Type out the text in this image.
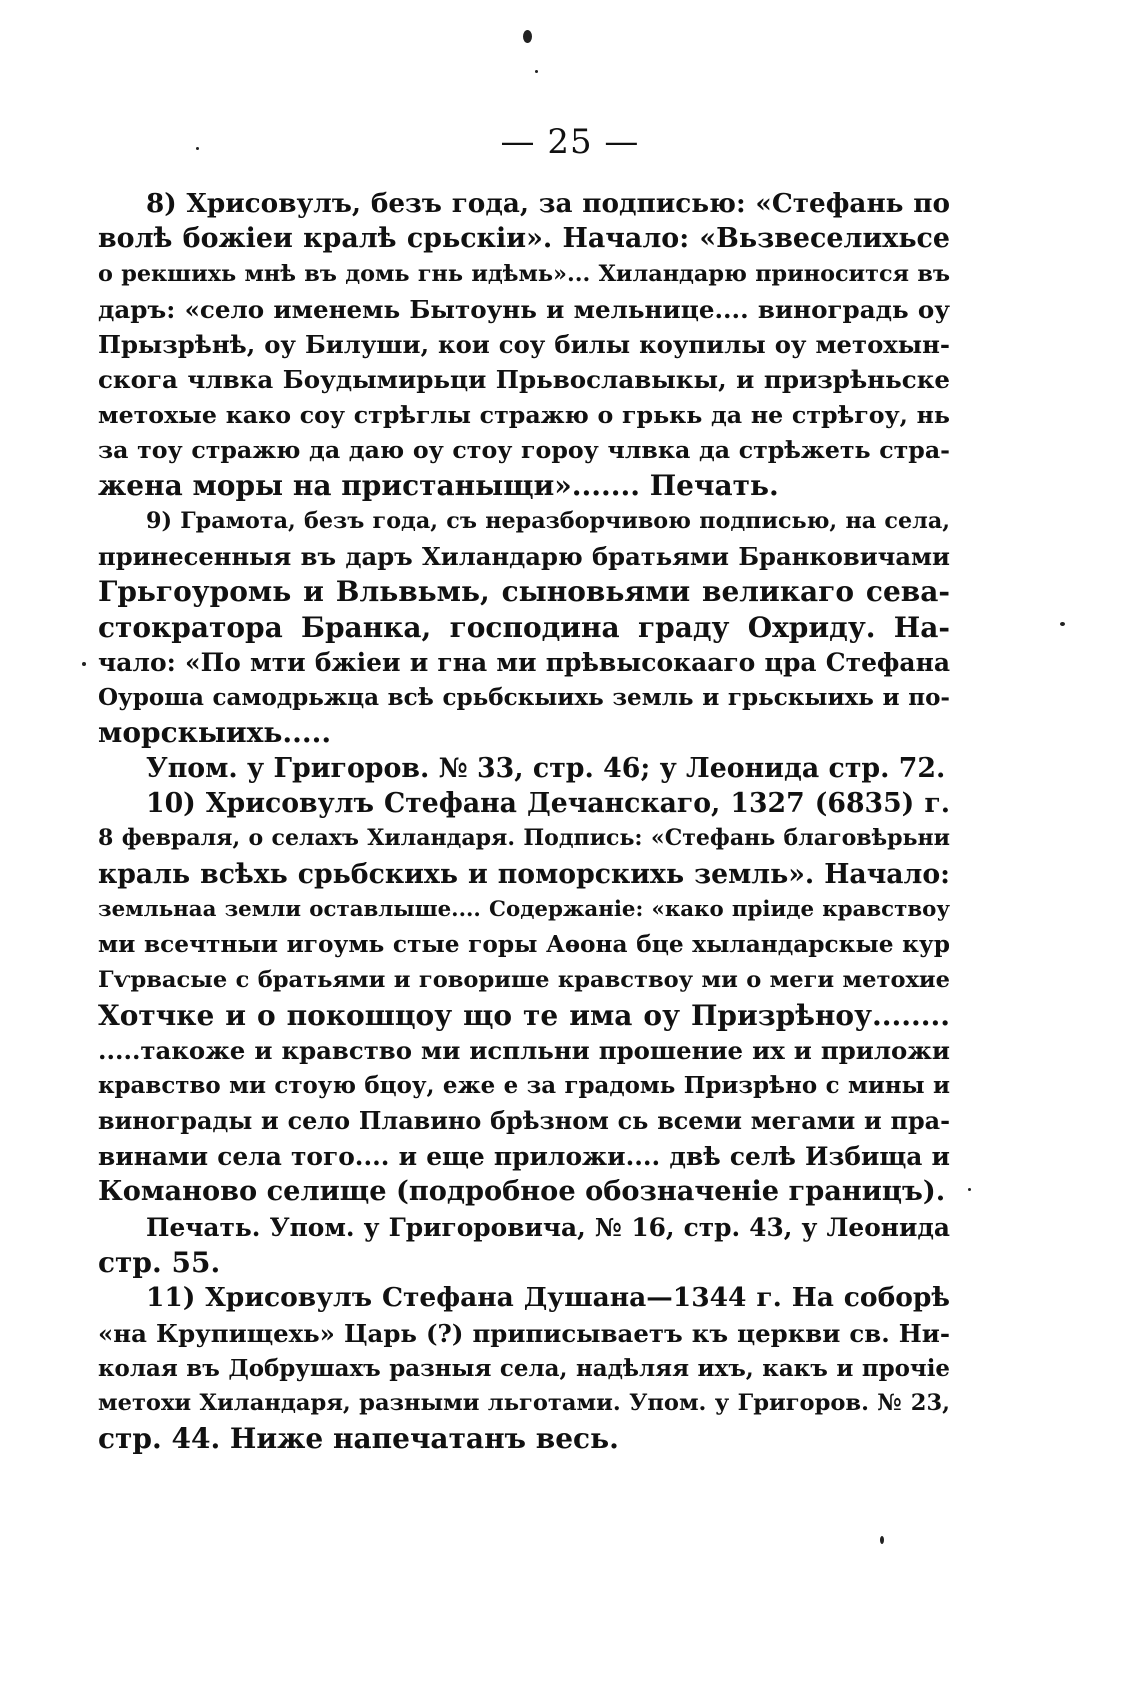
— 25 —
8) Хрисовулъ, безъ года, за подписью: «Стефань по
волѣ божіеи кралѣ срьскіи». Начало: «Вьзвеселихьсе
о рекшихь мнѣ въ домь гнь идѣмь»... Хиландарю приносится въ
даръ: «село именемь Бытоунь и мельнице.... виноградь оу
Прызрѣнѣ, оу Билуши, кои соу билы коупилы оу метохын-
скога члвка Боудымирьци Прьвославыкы, и призрѣньске
метохые како соу стрѣглы стражю о грькь да не стрѣгоу, нь
за тоу стражю да даю оу стоу гороу члвка да стрѣжеть стра-
жена моры на пристаныщи»....... Печать.
9) Грамота, безъ года, съ неразборчивою подписью, на села,
принесенныя въ даръ Хиландарю братьями Бранковичами
Грьгоуромь и Вльвьмь, сыновьями великаго сева-
стократора Бранка, господина граду Охриду. На-
чало: «По мти бжіеи и гна ми прѣвысокааго цра Стефана
Оуроша самодрьжца всѣ срьбскыихь земль и грьскыихь и по-
морскыихь.....
Упом. у Григоров. № 33, стр. 46; у Леонида стр. 72.
10) Хрисовулъ Стефана Дечанскаго, 1327 (6835) г.
8 февраля, о селахъ Хиландаря. Подпись: «Стефань благовѣрьни
краль всѣхь срьбскихь и поморскихь земль». Начало:
земльнаа земли оставлыше.... Содержаніе: «како пріиде кравствоу
ми всечтныи игоумь стые горы Аѳона бце хыландарскые кур
Гѵрвасые с братьями и говорише кравствоу ми о меги метохие
Хотчке и о покошцоу що те има оу Призрѣноу........
.....такоже и кравство ми испльни прошение их и приложи
кравство ми стоую бцоу, еже е за градомь Призрѣно с мины и
винограды и село Плавино брѣзном сь всеми мегами и пра-
винами села того.... и еще приложи.... двѣ селѣ Избища и
Команово селище (подробное обозначеніе границъ).
Печать. Упом. у Григоровича, № 16, стр. 43, у Леонида
стр. 55.
11) Хрисовулъ Стефана Душана—1344 г. На соборѣ
«на Крупищехь» Царь (?) приписываетъ къ церкви св. Ни-
колая въ Добрушахъ разныя села, надѣляя ихъ, какъ и прочіе
метохи Хиландаря, разными льготами. Упом. у Григоров. № 23,
стр. 44. Ниже напечатанъ весь.
